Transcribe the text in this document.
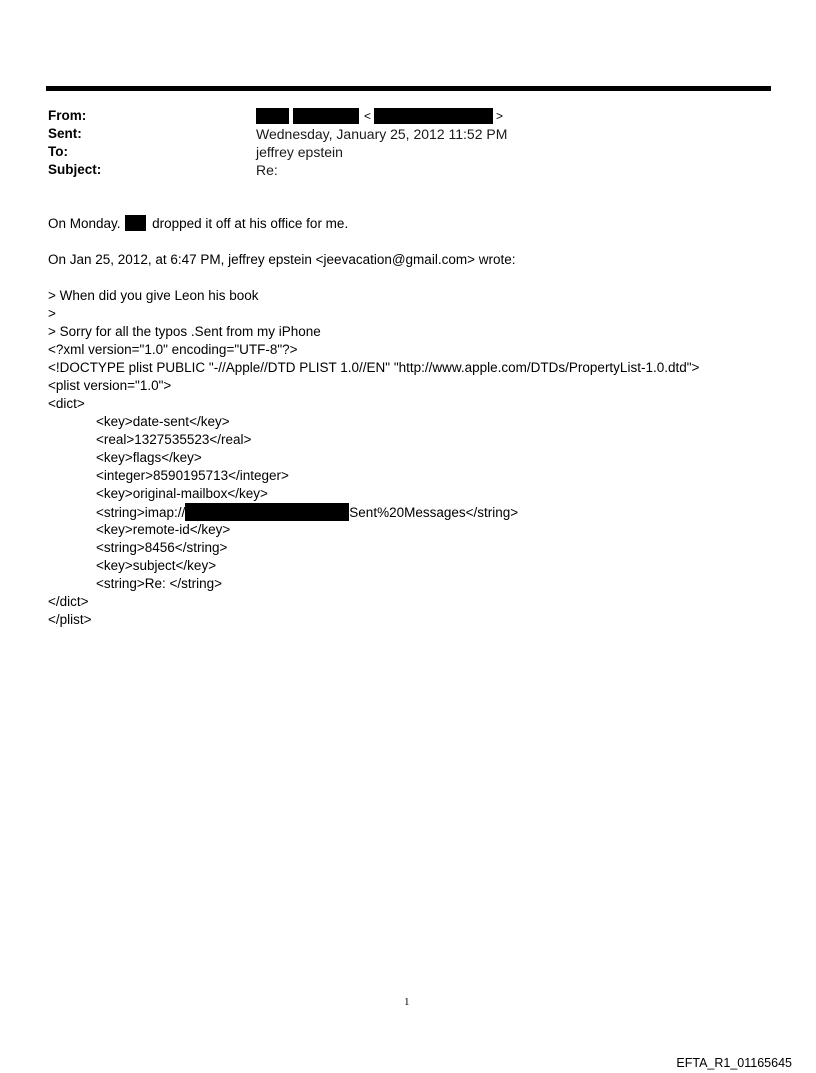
From:	<	>
Sent:	Wednesday, January 25, 2012 11:52 PM
To:	jeffrey epstein
Subject:	Re:
On Monday. dropped it off at his office for me.
On Jan 25, 2012, at 6:47 PM, jeffrey epstein <jeevacation@gmail.com> wrote:
> When did you give Leon his book
>
> Sorry for all the typos .Sent from my iPhone
<?xml version="1.0" encoding="UTF-8"?>
<!DOCTYPE plist PUBLIC "-//Apple//DTD PLIST 1.0//EN" "http://www.apple.com/DTDs/PropertyList-1.0.dtd">
<plist version="1.0">
<dict>
<key>date-sent</key>
<real>1327535523</real>
<key>flags</key>
<integer>8590195713</integer>
<key>original-mailbox</key>
<string>imap://	Sent%20Messages</string>
<key>remote-id</key>
<string>8456</string>
<key>subject</key>
<string>Re: </string>
</dict>
</plist>
1
EFTA_R1_01165645
